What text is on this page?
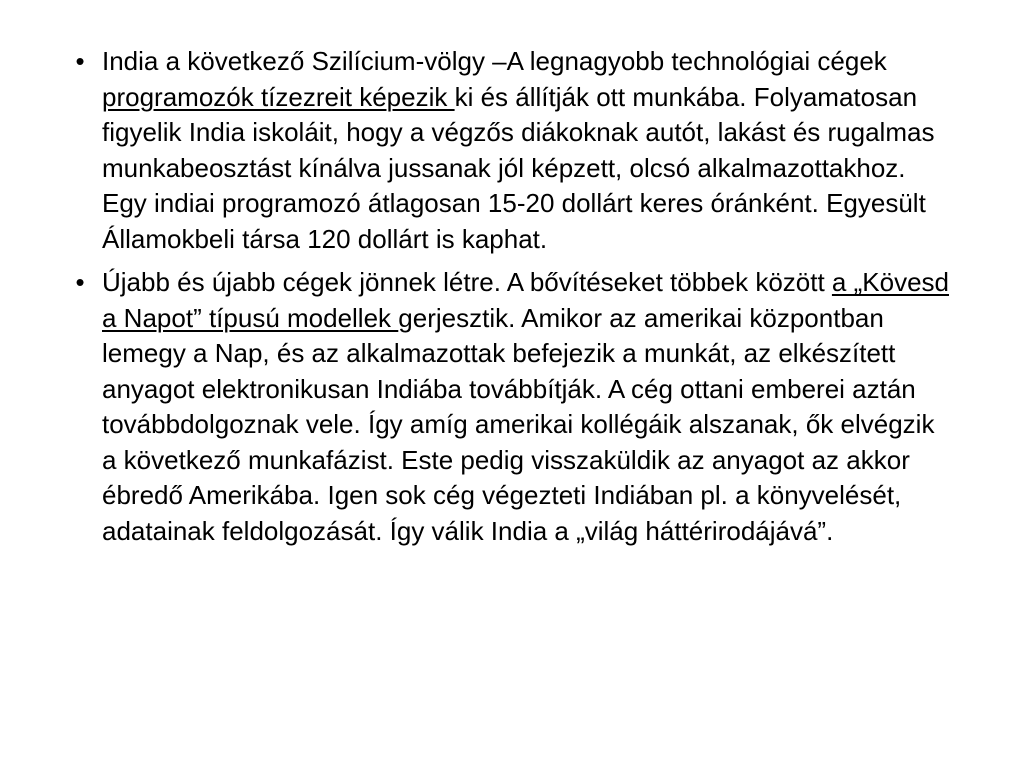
• India a következő Szilícium-völgy –A legnagyobb technológiai cégek programozók tízezreit képezik ki és állítják ott munkába. Folyamatosan figyelik India iskoláit, hogy a végzős diákoknak autót, lakást és rugalmas munkabeosztást kínálva jussanak jól képzett, olcsó alkalmazottakhoz. Egy indiai programozó átlagosan 15-20 dollárt keres óránként. Egyesült Államokbeli társa 120 dollárt is kaphat.
• Újabb és újabb cégek jönnek létre. A bővítéseket többek között a „Kövesd a Napot” típusú modellek gerjesztik. Amikor az amerikai központban lemegy a Nap, és az alkalmazottak befejezik a munkát, az elkészített anyagot elektronikusan Indiába továbbítják. A cég ottani emberei aztán továbbdolgoznak vele. Így amíg amerikai kollégáik alszanak, ők elvégzik a következő munkafázist. Este pedig visszaküldik az anyagot az akkor ébredő Amerikába. Igen sok cég végezteti Indiában pl. a könyvelését, adatainak feldolgozását. Így válik India a „világ háttérirodájává”.
